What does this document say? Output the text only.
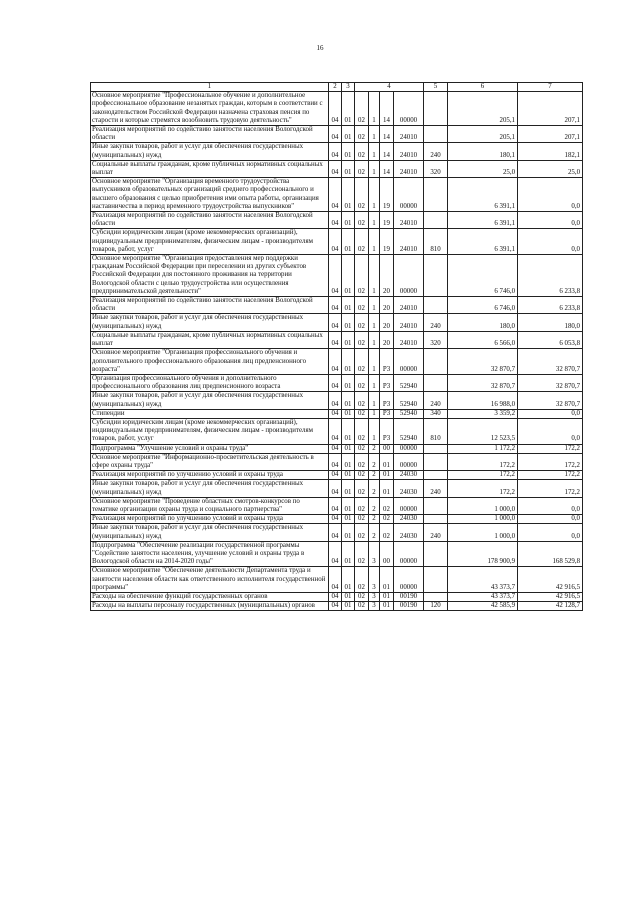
16
1	2	3	4				5	6	7
Основное мероприятие "Профессиональное обучение и дополнительное профессиональное образование незанятых граждан, которым в соответствии с законодательством Российской Федерации назначена страховая пенсия по старости и которые стремятся возобновить трудовую деятельность"	04	01	02	1	14	00000		205,1	207,1
Реализация мероприятий по содействию занятости населения Вологодской области	04	01	02	1	14	24010		205,1	207,1
Иные закупки товаров, работ и услуг для обеспечения государственных (муниципальных) нужд	04	01	02	1	14	24010	240	180,1	182,1
Социальные выплаты гражданам, кроме публичных нормативных социальных выплат	04	01	02	1	14	24010	320	25,0	25,0
Основное мероприятие "Организация временного трудоустройства выпускников образовательных организаций среднего профессионального и высшего образования с целью приобретения ими опыта работы, организация наставничества в период временного трудоустройства выпускников"	04	01	02	1	19	00000		6 391,1	0,0
Реализация мероприятий по содействию занятости населения Вологодской области	04	01	02	1	19	24010		6 391,1	0,0
Субсидии юридическим лицам (кроме некоммерческих организаций), индивидуальным предпринимателям, физическим лицам - производителям товаров, работ, услуг	04	01	02	1	19	24010	810	6 391,1	0,0
Основное мероприятие "Организация предоставления мер поддержки гражданам Российской Федерации при переселении из других субъектов Российской Федерации для постоянного проживания на территории Вологодской области с целью трудоустройства или осуществления предпринимательской деятельности"	04	01	02	1	20	00000		6 746,0	6 233,8
Реализация мероприятий по содействию занятости населения Вологодской области	04	01	02	1	20	24010		6 746,0	6 233,8
Иные закупки товаров, работ и услуг для обеспечения государственных (муниципальных) нужд	04	01	02	1	20	24010	240	180,0	180,0
Социальные выплаты гражданам, кроме публичных нормативных социальных выплат	04	01	02	1	20	24010	320	6 566,0	6 053,8
Основное мероприятие "Организация профессионального обучения и дополнительного профессионального образования лиц предпенсионного возраста"	04	01	02	1	P3	00000		32 870,7	32 870,7
Организация профессионального обучения и дополнительного профессионального образования лиц предпенсионного возраста	04	01	02	1	P3	52940		32 870,7	32 870,7
Иные закупки товаров, работ и услуг для обеспечения государственных (муниципальных) нужд	04	01	02	1	P3	52940	240	16 988,0	32 870,7
Стипендии	04	01	02	1	P3	52940	340	3 359,2	0,0
Субсидии юридическим лицам (кроме некоммерческих организаций), индивидуальным предпринимателям, физическим лицам - производителям товаров, работ, услуг	04	01	02	1	P3	52940	810	12 523,5	0,0
Подпрограмма "Улучшение условий и охраны труда"	04	01	02	2	00	00000		1 172,2	172,2
Основное мероприятие "Информационно-просветительская деятельность в сфере охраны труда"	04	01	02	2	01	00000		172,2	172,2
Реализация мероприятий по улучшению условий и охраны труда	04	01	02	2	01	24030		172,2	172,2
Иные закупки товаров, работ и услуг для обеспечения государственных (муниципальных) нужд	04	01	02	2	01	24030	240	172,2	172,2
Основное мероприятие "Проведение областных смотров-конкурсов по тематике организации охраны труда и социального партнерства"	04	01	02	2	02	00000		1 000,0	0,0
Реализация мероприятий по улучшению условий и охраны труда	04	01	02	2	02	24030		1 000,0	0,0
Иные закупки товаров, работ и услуг для обеспечения государственных (муниципальных) нужд	04	01	02	2	02	24030	240	1 000,0	0,0
Подпрограмма "Обеспечение реализации государственной программы "Содействие занятости населения, улучшение условий и охраны труда в Вологодской области на 2014-2020 годы"	04	01	02	3	00	00000		178 900,9	168 529,8
Основное мероприятие "Обеспечение деятельности Департамента труда и занятости населения области как ответственного исполнителя государственной программы"	04	01	02	3	01	00000		43 373,7	42 916,5
Расходы на обеспечение функций государственных органов	04	01	02	3	01	00190		43 373,7	42 916,5
Расходы на выплаты персоналу государственных (муниципальных) органов	04	01	02	3	01	00190	120	42 585,9	42 128,7
